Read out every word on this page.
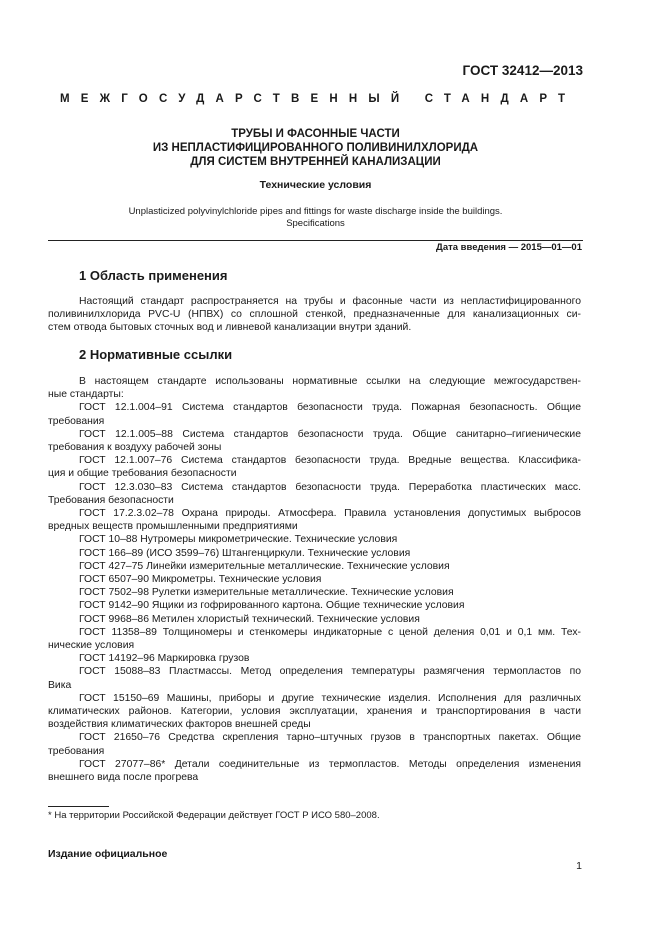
ГОСТ 32412—2013
МЕЖГОСУДАРСТВЕННЫЙ СТАНДАРТ
ТРУБЫ И ФАСОННЫЕ ЧАСТИ
ИЗ НЕПЛАСТИФИЦИРОВАННОГО ПОЛИВИНИЛХЛОРИДА
ДЛЯ СИСТЕМ ВНУТРЕННЕЙ КАНАЛИЗАЦИИ
Технические условия
Unplasticized polyvinylchloride pipes and fittings for waste discharge inside the buildings.
Specifications
Дата введения — 2015—01—01
1 Область применения
Настоящий стандарт распространяется на трубы и фасонные части из непластифицированного
поливинилхлорида PVC-U (НПВХ) со сплошной стенкой, предназначенные для канализационных си-
стем отвода бытовых сточных вод и ливневой канализации внутри зданий.
2 Нормативные ссылки
В настоящем стандарте использованы нормативные ссылки на следующие межгосударствен-
ные стандарты:
ГОСТ 12.1.004–91 Система стандартов безопасности труда. Пожарная безопасность. Общие
требования
ГОСТ 12.1.005–88 Система стандартов безопасности труда. Общие санитарно–гигиенические
требования к воздуху рабочей зоны
ГОСТ 12.1.007–76 Система стандартов безопасности труда. Вредные вещества. Классифика-
ция и общие требования безопасности
ГОСТ 12.3.030–83 Система стандартов безопасности труда. Переработка пластических масс.
Требования безопасности
ГОСТ 17.2.3.02–78 Охрана природы. Атмосфера. Правила установления допустимых выбросов
вредных веществ промышленными предприятиями
ГОСТ 10–88 Нутромеры микрометрические. Технические условия
ГОСТ 166–89 (ИСО 3599–76) Штангенциркули. Технические условия
ГОСТ 427–75 Линейки измерительные металлические. Технические условия
ГОСТ 6507–90 Микрометры. Технические условия
ГОСТ 7502–98 Рулетки измерительные металлические. Технические условия
ГОСТ 9142–90 Ящики из гофрированного картона. Общие технические условия
ГОСТ 9968–86 Метилен хлористый технический. Технические условия
ГОСТ 11358–89 Толщиномеры и стенкомеры индикаторные с ценой деления 0,01 и 0,1 мм. Тех-
нические условия
ГОСТ 14192–96 Маркировка грузов
ГОСТ 15088–83 Пластмассы. Метод определения температуры размягчения термопластов по
Вика
ГОСТ 15150–69 Машины, приборы и другие технические изделия. Исполнения для различных
климатических районов. Категории, условия эксплуатации, хранения и транспортирования в части
воздействия климатических факторов внешней среды
ГОСТ 21650–76 Средства скрепления тарно–штучных грузов в транспортных пакетах. Общие
требования
ГОСТ 27077–86* Детали соединительные из термопластов. Методы определения изменения
внешнего вида после прогрева
* На территории Российской Федерации действует ГОСТ Р ИСО 580–2008.
Издание официальное
1
